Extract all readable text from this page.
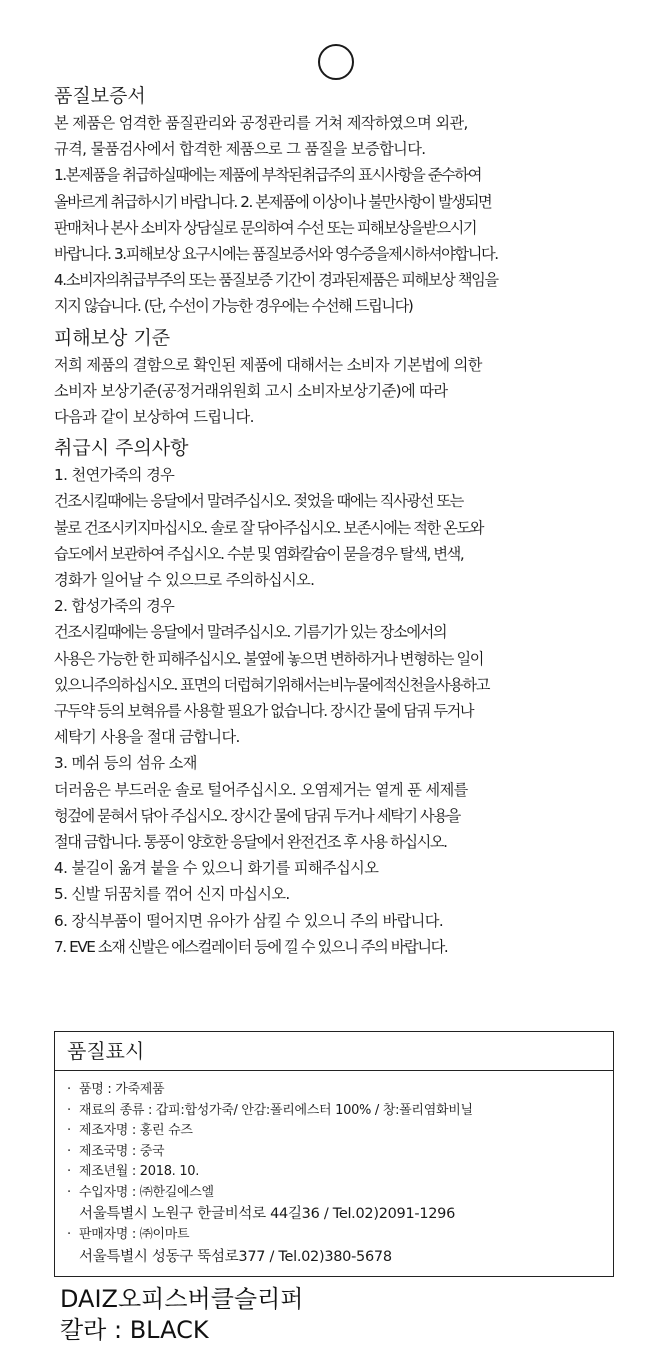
품질보증서

본 제품은 엄격한 품질관리와 공정관리를 거쳐 제작하였으며 외관,

규격, 물품검사에서 합격한 제품으로 그 품질을 보증합니다.

1.본제품을 취급하실때에는 제품에 부착된취급주의 표시사항을 준수하여

올바르게 취급하시기 바랍니다. 2. 본제품에 이상이나 불만사항이 발생되면

판매처나 본사 소비자 상담실로 문의하여 수선 또는 피해보상을받으시기

바랍니다. 3.피해보상 요구시에는 품질보증서와 영수증을제시하셔야합니다.

4.소비자의취급부주의 또는 품질보증 기간이 경과된제품은 피해보상 책임을

지지 않습니다. (단, 수선이 가능한 경우에는 수선해 드립니다)

피해보상 기준

저희 제품의 결함으로 확인된 제품에 대해서는 소비자 기본법에 의한

소비자 보상기준(공정거래위원회 고시 소비자보상기준)에 따라

다음과 같이 보상하여 드립니다.

취급시 주의사항

1. 천연가죽의 경우

건조시킬때에는 응달에서 말려주십시오. 젖었을 때에는 직사광선 또는

불로 건조시키지마십시오. 솔로 잘 닦아주십시오. 보존시에는 적한 온도와

습도에서 보관하여 주십시오. 수분 및 염화칼슘이 묻을경우 탈색, 변색,

경화가 일어날 수 있으므로 주의하십시오.

2. 합성가죽의 경우

건조시킬때에는 응달에서 말려주십시오. 기름기가 있는 장소에서의

사용은 가능한 한 피해주십시오. 불옆에 놓으면 변하하거나 변형하는 일이

있으니주의하십시오. 표면의 더럽혀기위해서는비누물에적신천을사용하고

구두약 등의 보혁유를 사용할 필요가 없습니다. 장시간 물에 담궈 두거나

세탁기 사용을 절대 금합니다.

3. 메쉬 등의 섬유 소재

더러움은 부드러운 솔로 털어주십시오. 오염제거는 옅게 푼 세제를

헝겊에 묻혀서 닦아 주십시오. 장시간 물에 담궈 두거나 세탁기 사용을

절대 금합니다. 통풍이 양호한 응달에서 완전건조 후 사용 하십시오.

4. 불길이 옮겨 붙을 수 있으니 화기를 피해주십시오

5. 신발 뒤꿈치를 꺾어 신지 마십시오.

6. 장식부품이 떨어지면 유아가 삼킬 수 있으니 주의 바랍니다.

7. EVE 소재 신발은 에스컬레이터 등에 낄 수 있으니 주의 바랍니다.

품질표시
· 품명 : 가죽제품
· 재료의 종류 : 갑피:합성가죽/ 안감:폴리에스터 100% / 창:폴리염화비닐
· 제조자명 : 홍린 슈즈
· 제조국명 : 중국
· 제조년월 : 2018. 10.
· 수입자명 : ㈜한길에스엘
서울특별시 노원구 한글비석로 44길36 / Tel.02)2091-1296
· 판매자명 : ㈜이마트
서울특별시 성동구 뚝섬로377 / Tel.02)380-5678
DAIZ오피스버클슬리퍼
칼라 : BLACK
